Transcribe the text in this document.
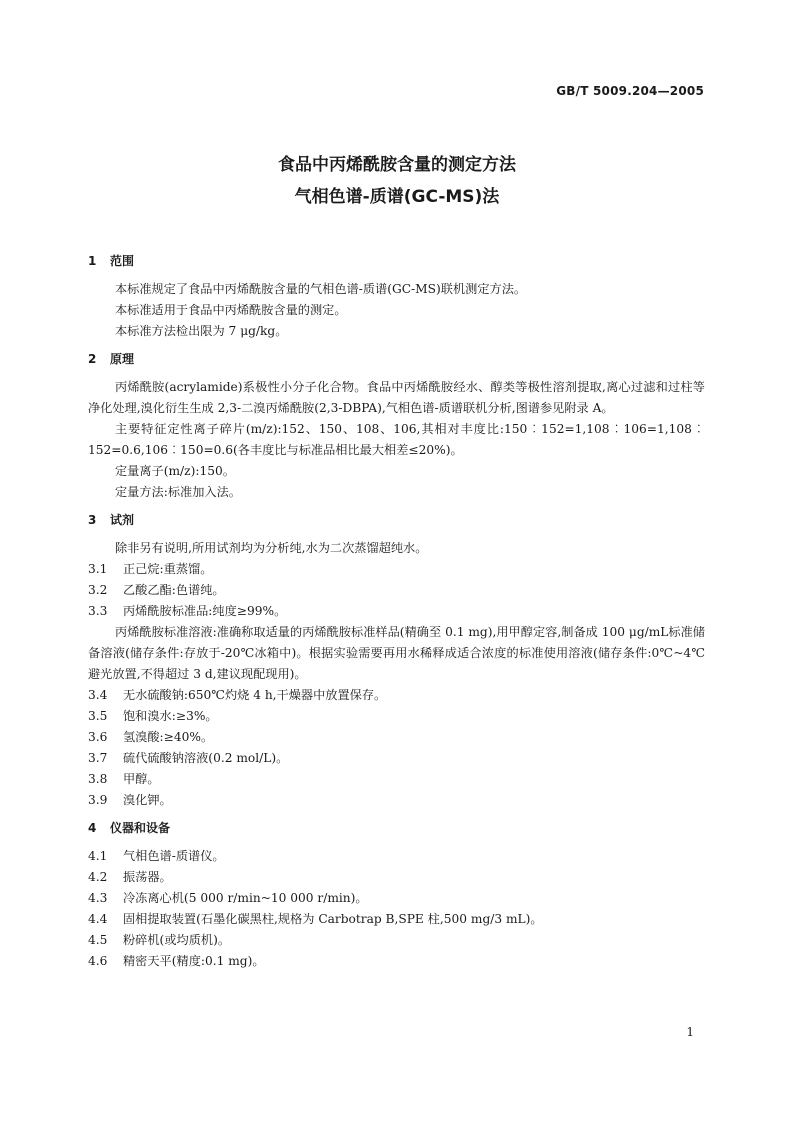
GB/T 5009.204—2005
食品中丙烯酰胺含量的测定方法
气相色谱-质谱(GC-MS)法
1 范围
本标准规定了食品中丙烯酰胺含量的气相色谱-质谱(GC-MS)联机测定方法。
本标准适用于食品中丙烯酰胺含量的测定。
本标准方法检出限为 7 μg/kg。
2 原理
丙烯酰胺(acrylamide)系极性小分子化合物。食品中丙烯酰胺经水、醇类等极性溶剂提取,离心过滤和过柱等净化处理,溴化衍生生成 2,3-二溴丙烯酰胺(2,3-DBPA),气相色谱-质谱联机分析,图谱参见附录 A。
主要特征定性离子碎片(m/z):152、150、108、106,其相对丰度比:150︰152=1,108︰106=1,108︰152=0.6,106︰150=0.6(各丰度比与标准品相比最大相差≤20%)。
定量离子(m/z):150。
定量方法:标准加入法。
3 试剂
除非另有说明,所用试剂均为分析纯,水为二次蒸馏超纯水。
3.1 正己烷:重蒸馏。
3.2 乙酸乙酯:色谱纯。
3.3 丙烯酰胺标准品:纯度≥99%。
丙烯酰胺标准溶液:准确称取适量的丙烯酰胺标准样品(精确至 0.1 mg),用甲醇定容,制备成 100 μg/mL标准储备溶液(储存条件:存放于-20℃冰箱中)。根据实验需要再用水稀释成适合浓度的标准使用溶液(储存条件:0℃~4℃避光放置,不得超过 3 d,建议现配现用)。
3.4 无水硫酸钠:650℃灼烧 4 h,干燥器中放置保存。
3.5 饱和溴水:≥3%。
3.6 氢溴酸:≥40%。
3.7 硫代硫酸钠溶液(0.2 mol/L)。
3.8 甲醇。
3.9 溴化钾。
4 仪器和设备
4.1 气相色谱-质谱仪。
4.2 振荡器。
4.3 冷冻离心机(5 000 r/min~10 000 r/min)。
4.4 固相提取装置(石墨化碳黑柱,规格为 Carbotrap B,SPE 柱,500 mg/3 mL)。
4.5 粉碎机(或均质机)。
4.6 精密天平(精度:0.1 mg)。
1
